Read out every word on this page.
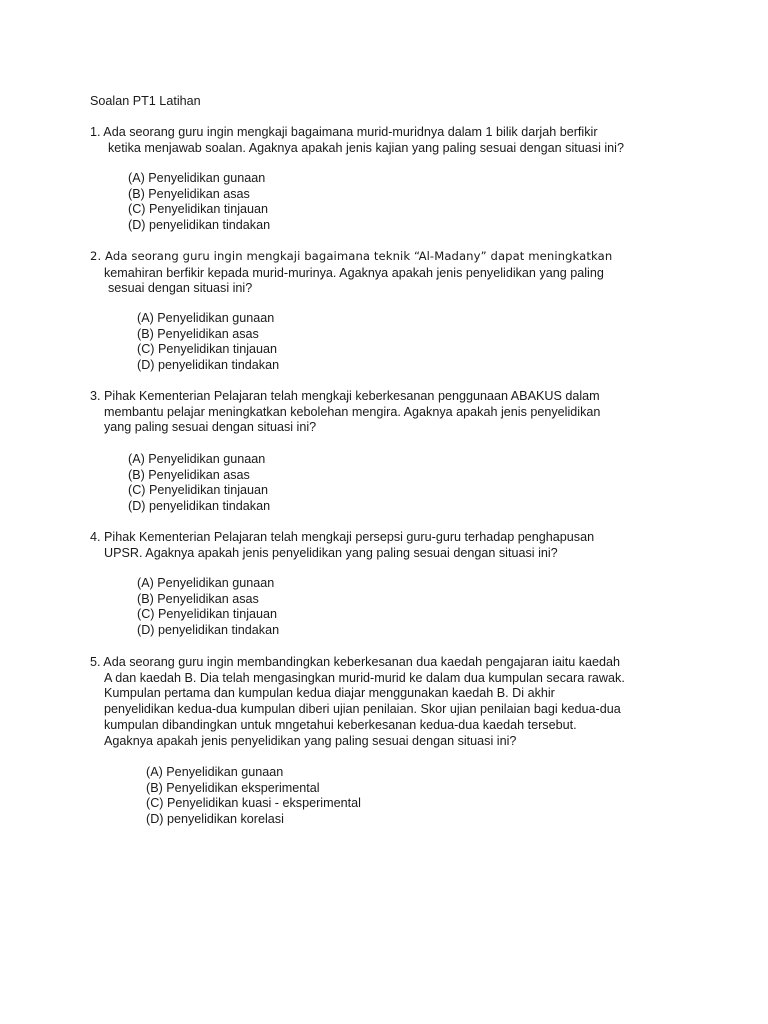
Soalan PT1 Latihan
1. Ada seorang guru ingin mengkaji bagaimana murid-muridnya dalam 1 bilik darjah berfikir
ketika menjawab soalan. Agaknya apakah jenis kajian yang paling sesuai dengan situasi ini?
(A) Penyelidikan gunaan
(B) Penyelidikan asas
(C) Penyelidikan tinjauan
(D) penyelidikan tindakan
2. Ada seorang guru ingin mengkaji bagaimana teknik “Al-Madany” dapat meningkatkan
kemahiran berfikir kepada murid-murinya. Agaknya apakah jenis penyelidikan yang paling
sesuai dengan situasi ini?
(A) Penyelidikan gunaan
(B) Penyelidikan asas
(C) Penyelidikan tinjauan
(D) penyelidikan tindakan
3. Pihak Kementerian Pelajaran telah mengkaji keberkesanan penggunaan ABAKUS dalam
membantu pelajar meningkatkan kebolehan mengira. Agaknya apakah jenis penyelidikan
yang paling sesuai dengan situasi ini?
(A) Penyelidikan gunaan
(B) Penyelidikan asas
(C) Penyelidikan tinjauan
(D) penyelidikan tindakan
4. Pihak Kementerian Pelajaran telah mengkaji persepsi guru-guru terhadap penghapusan
UPSR. Agaknya apakah jenis penyelidikan yang paling sesuai dengan situasi ini?
(A) Penyelidikan gunaan
(B) Penyelidikan asas
(C) Penyelidikan tinjauan
(D) penyelidikan tindakan
5. Ada seorang guru ingin membandingkan keberkesanan dua kaedah pengajaran iaitu kaedah
A dan kaedah B. Dia telah mengasingkan murid-murid ke dalam dua kumpulan secara rawak.
Kumpulan pertama dan kumpulan kedua diajar menggunakan kaedah B. Di akhir
penyelidikan kedua-dua kumpulan diberi ujian penilaian. Skor ujian penilaian bagi kedua-dua
kumpulan dibandingkan untuk mngetahui keberkesanan kedua-dua kaedah tersebut.
Agaknya apakah jenis penyelidikan yang paling sesuai dengan situasi ini?
(A) Penyelidikan gunaan
(B) Penyelidikan eksperimental
(C) Penyelidikan kuasi - eksperimental
(D) penyelidikan korelasi
